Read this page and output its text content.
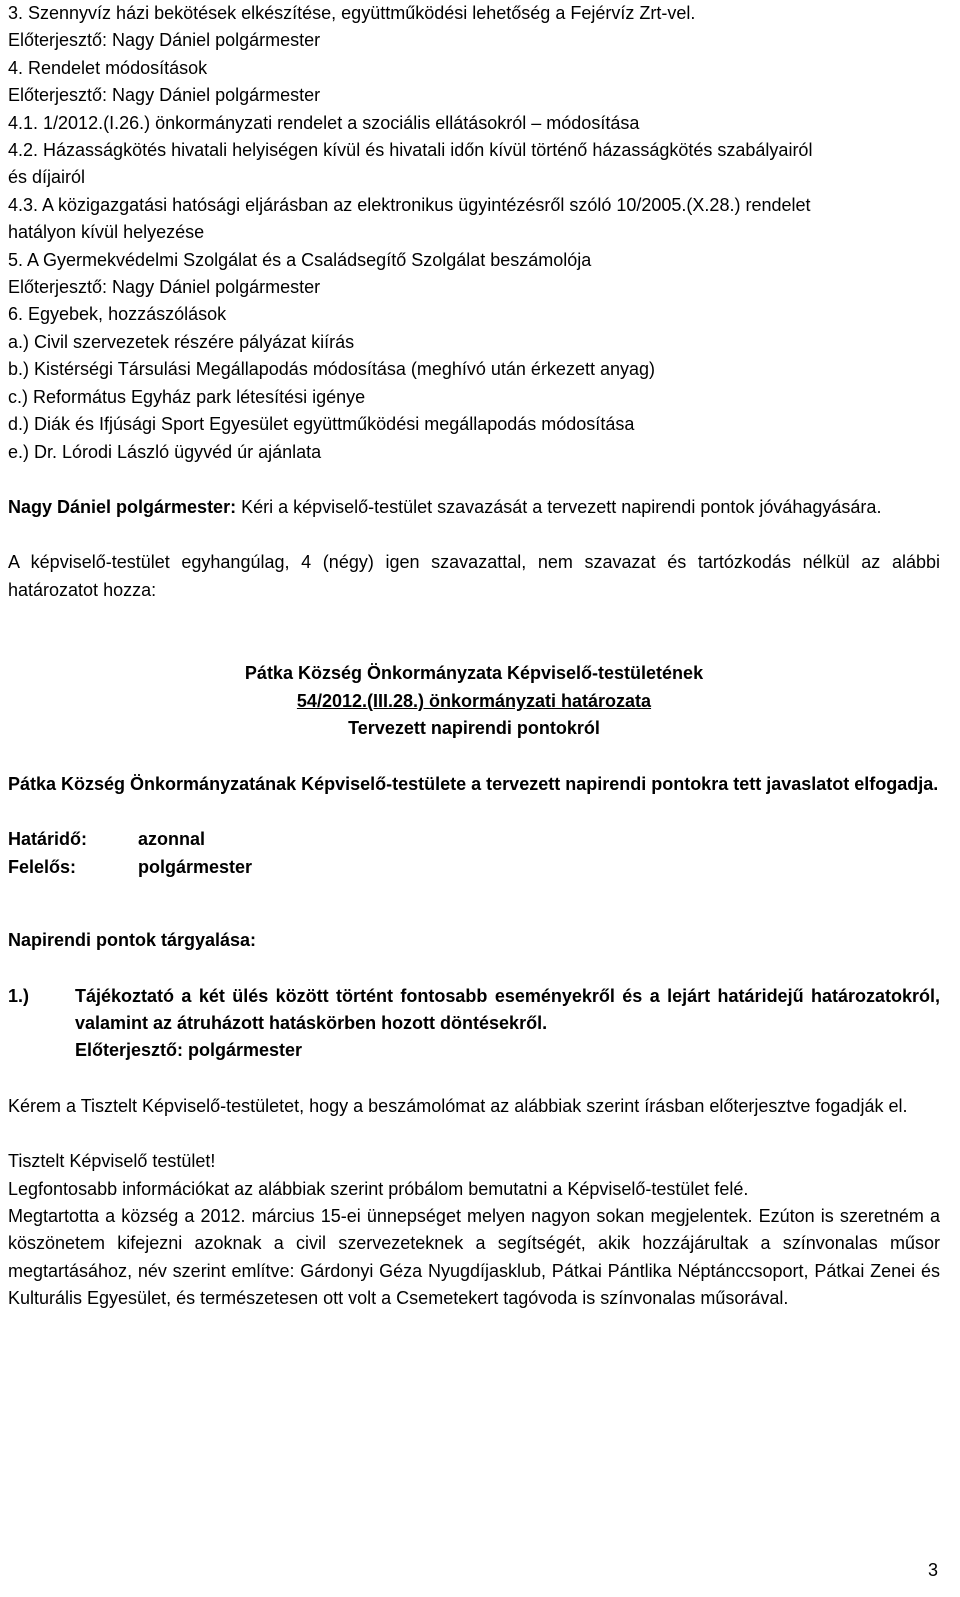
3. Szennyvíz házi bekötések elkészítése, együttműködési lehetőség a Fejérvíz Zrt-vel.
Előterjesztő: Nagy Dániel polgármester
4. Rendelet módosítások
Előterjesztő: Nagy Dániel polgármester
4.1. 1/2012.(I.26.) önkormányzati rendelet a szociális ellátásokról – módosítása
4.2. Házasságkötés hivatali helyiségen kívül és hivatali időn kívül történő házasságkötés szabályairól
és díjairól
4.3. A közigazgatási hatósági eljárásban az elektronikus ügyintézésről szóló 10/2005.(X.28.) rendelet
hatályon kívül helyezése
5. A Gyermekvédelmi Szolgálat és a Családsegítő Szolgálat beszámolója
Előterjesztő: Nagy Dániel polgármester
6. Egyebek, hozzászólások
a.) Civil szervezetek részére pályázat kiírás
b.) Kistérségi Társulási Megállapodás módosítása (meghívó után érkezett anyag)
c.) Református Egyház park létesítési igénye
d.) Diák és Ifjúsági Sport Egyesület együttműködési megállapodás módosítása
e.) Dr. Lórodi László ügyvéd úr ajánlata
Nagy Dániel polgármester: Kéri a képviselő-testület szavazását a tervezett napirendi pontok jóváhagyására.
A képviselő-testület egyhangúlag, 4 (négy) igen szavazattal, nem szavazat és tartózkodás nélkül az alábbi határozatot hozza:
Pátka Község Önkormányzata Képviselő-testületének
54/2012.(III.28.) önkormányzati határozata
Tervezett napirendi pontokról
Pátka Község Önkormányzatának Képviselő-testülete a tervezett napirendi pontokra tett javaslatot elfogadja.
Határidő:	azonnal
Felelős:	polgármester
Napirendi pontok tárgyalása:
1.)	Tájékoztató a két ülés között történt fontosabb eseményekről és a lejárt határidejű határozatokról, valamint az átruházott hatáskörben hozott döntésekről.
Előterjesztő: polgármester
Kérem a Tisztelt Képviselő-testületet, hogy a beszámolómat az alábbiak szerint írásban előterjesztve fogadják el.
Tisztelt Képviselő testület!
Legfontosabb információkat az alábbiak szerint próbálom bemutatni a Képviselő-testület felé.
Megtartotta a község a 2012. március 15-ei ünnepséget melyen nagyon sokan megjelentek. Ezúton is szeretném a köszönetem kifejezni azoknak a civil szervezeteknek a segítségét, akik hozzájárultak a színvonalas műsor megtartásához, név szerint említve: Gárdonyi Géza Nyugdíjasklub, Pátkai Pántlika Néptánccsoport, Pátkai Zenei és Kulturális Egyesület, és természetesen ott volt a Csemetekert tagóvoda is színvonalas műsorával.
3
